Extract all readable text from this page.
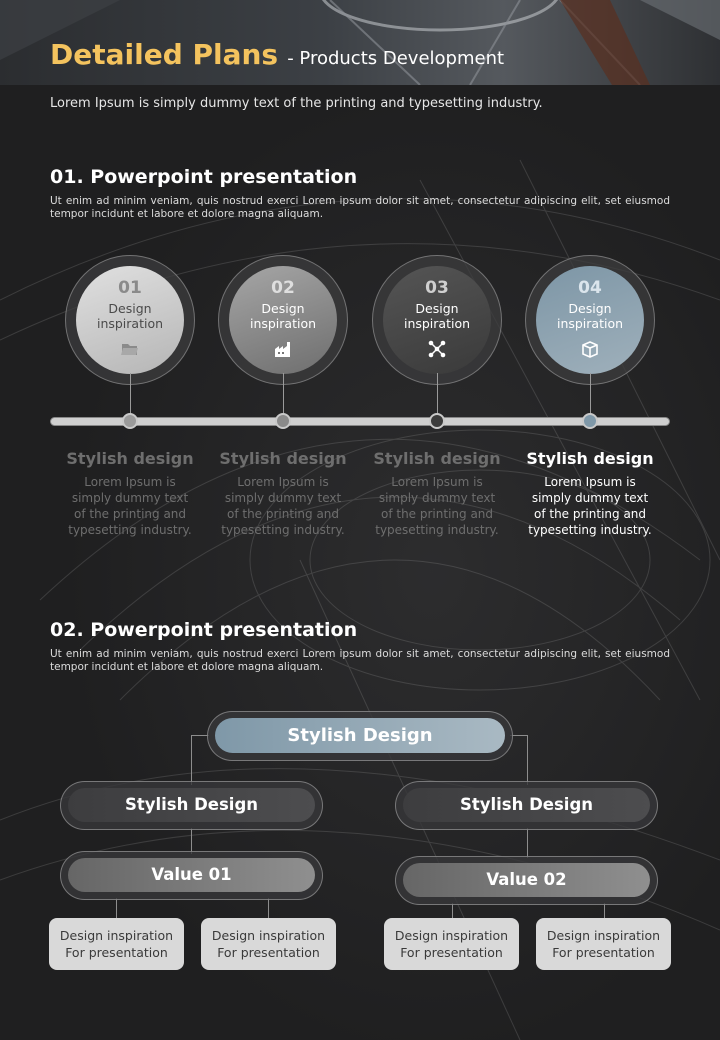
Detailed Plans - Products Development
Lorem Ipsum is simply dummy text of the printing and typesetting industry.
01. Powerpoint presentation
Ut enim ad minim veniam, quis nostrud exerci Lorem ipsum dolor sit amet, consectetur adipiscing elit, set eiusmod tempor incidunt et labore et dolore magna aliquam.
01
Design
inspiration
Stylish design
Lorem Ipsum is simply dummy text of the printing and typesetting industry.
02
Design
inspiration
Stylish design
Lorem Ipsum is simply dummy text of the printing and typesetting industry.
03
Design
inspiration
Stylish design
Lorem Ipsum is simply dummy text of the printing and typesetting industry.
04
Design
inspiration
Stylish design
Lorem Ipsum is simply dummy text of the printing and typesetting industry.
02. Powerpoint presentation
Ut enim ad minim veniam, quis nostrud exerci Lorem ipsum dolor sit amet, consectetur adipiscing elit, set eiusmod tempor incidunt et labore et dolore magna aliquam.
Stylish Design
Stylish Design
Value 01
Design inspiration
For presentation
Design inspiration
For presentation
Stylish Design
Value 02
Design inspiration
For presentation
Design inspiration
For presentation
